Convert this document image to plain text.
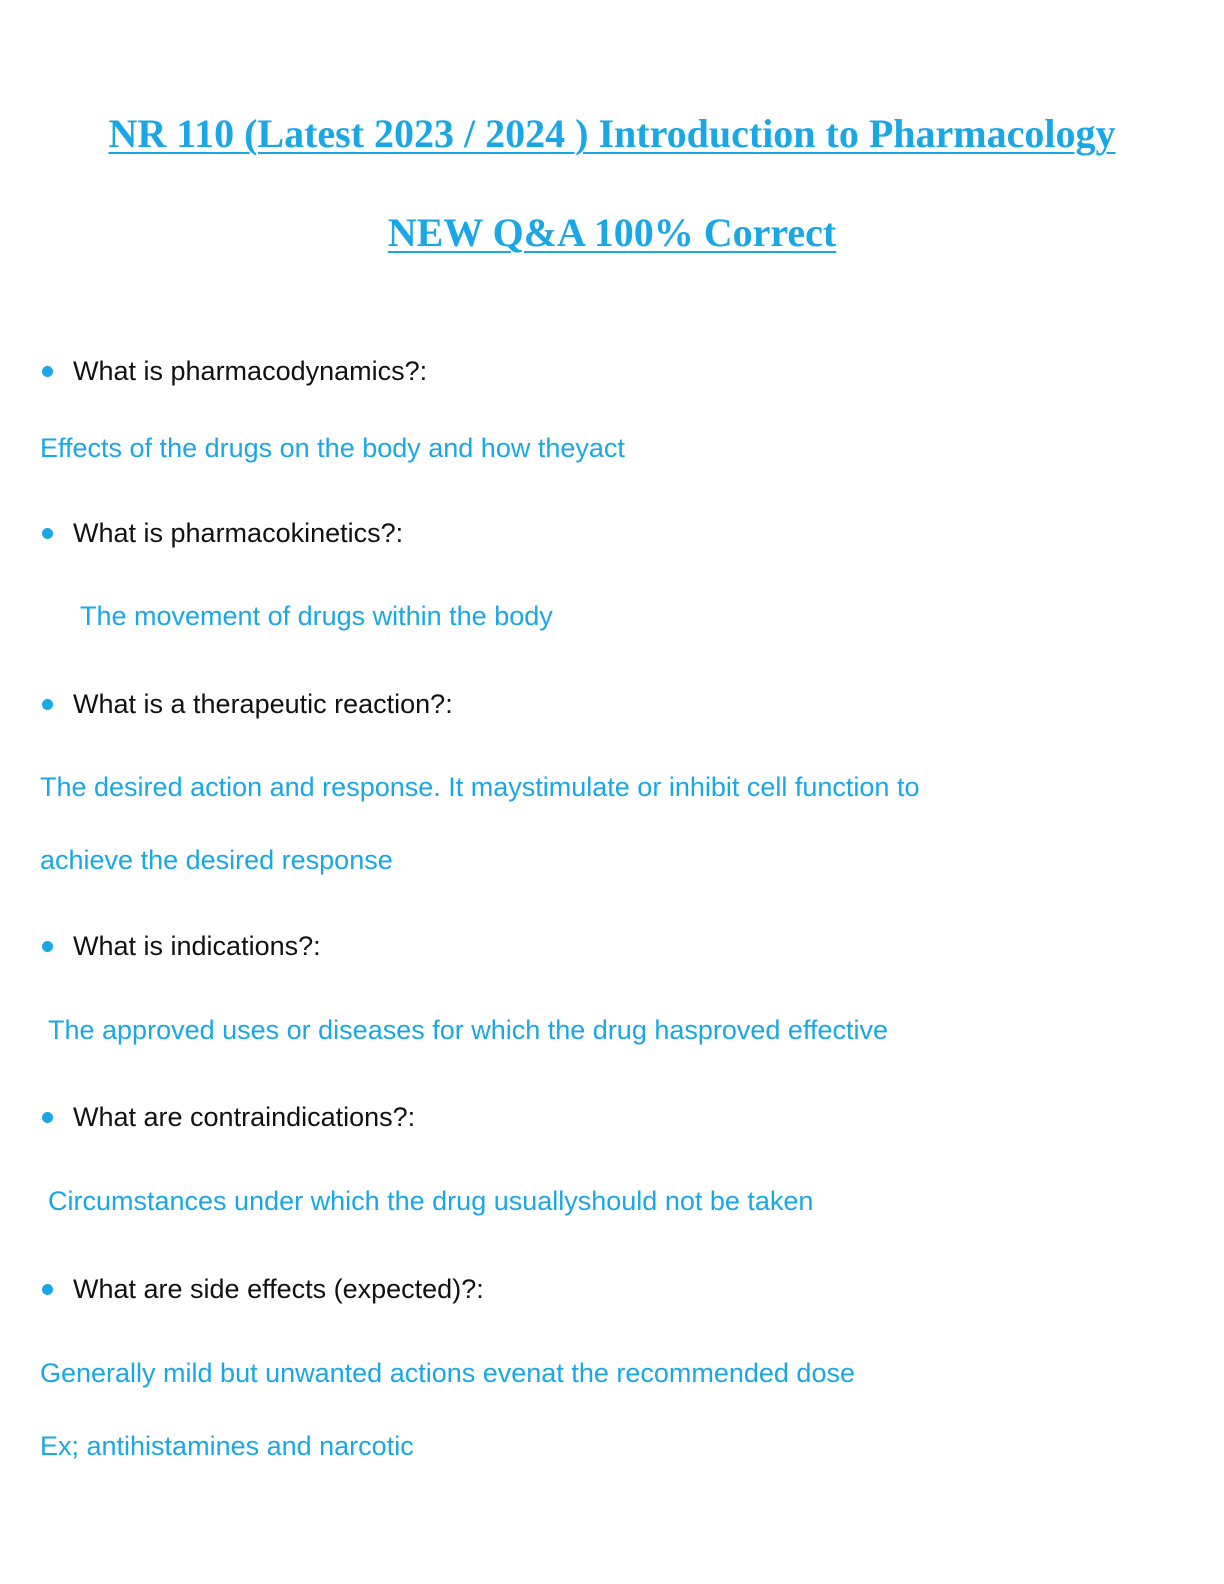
NR 110 (Latest 2023 / 2024 ) Introduction to Pharmacology
NEW Q&A 100% Correct
What is pharmacodynamics?:
Effects of the drugs on the body and how theyact
What is pharmacokinetics?:
The movement of drugs within the body
What is a therapeutic reaction?:
The desired action and response. It maystimulate or inhibit cell function to
achieve the desired response
What is indications?:
The approved uses or diseases for which the drug hasproved effective
What are contraindications?:
Circumstances under which the drug usuallyshould not be taken
What are side effects (expected)?:
Generally mild but unwanted actions evenat the recommended dose
Ex; antihistamines and narcotic
